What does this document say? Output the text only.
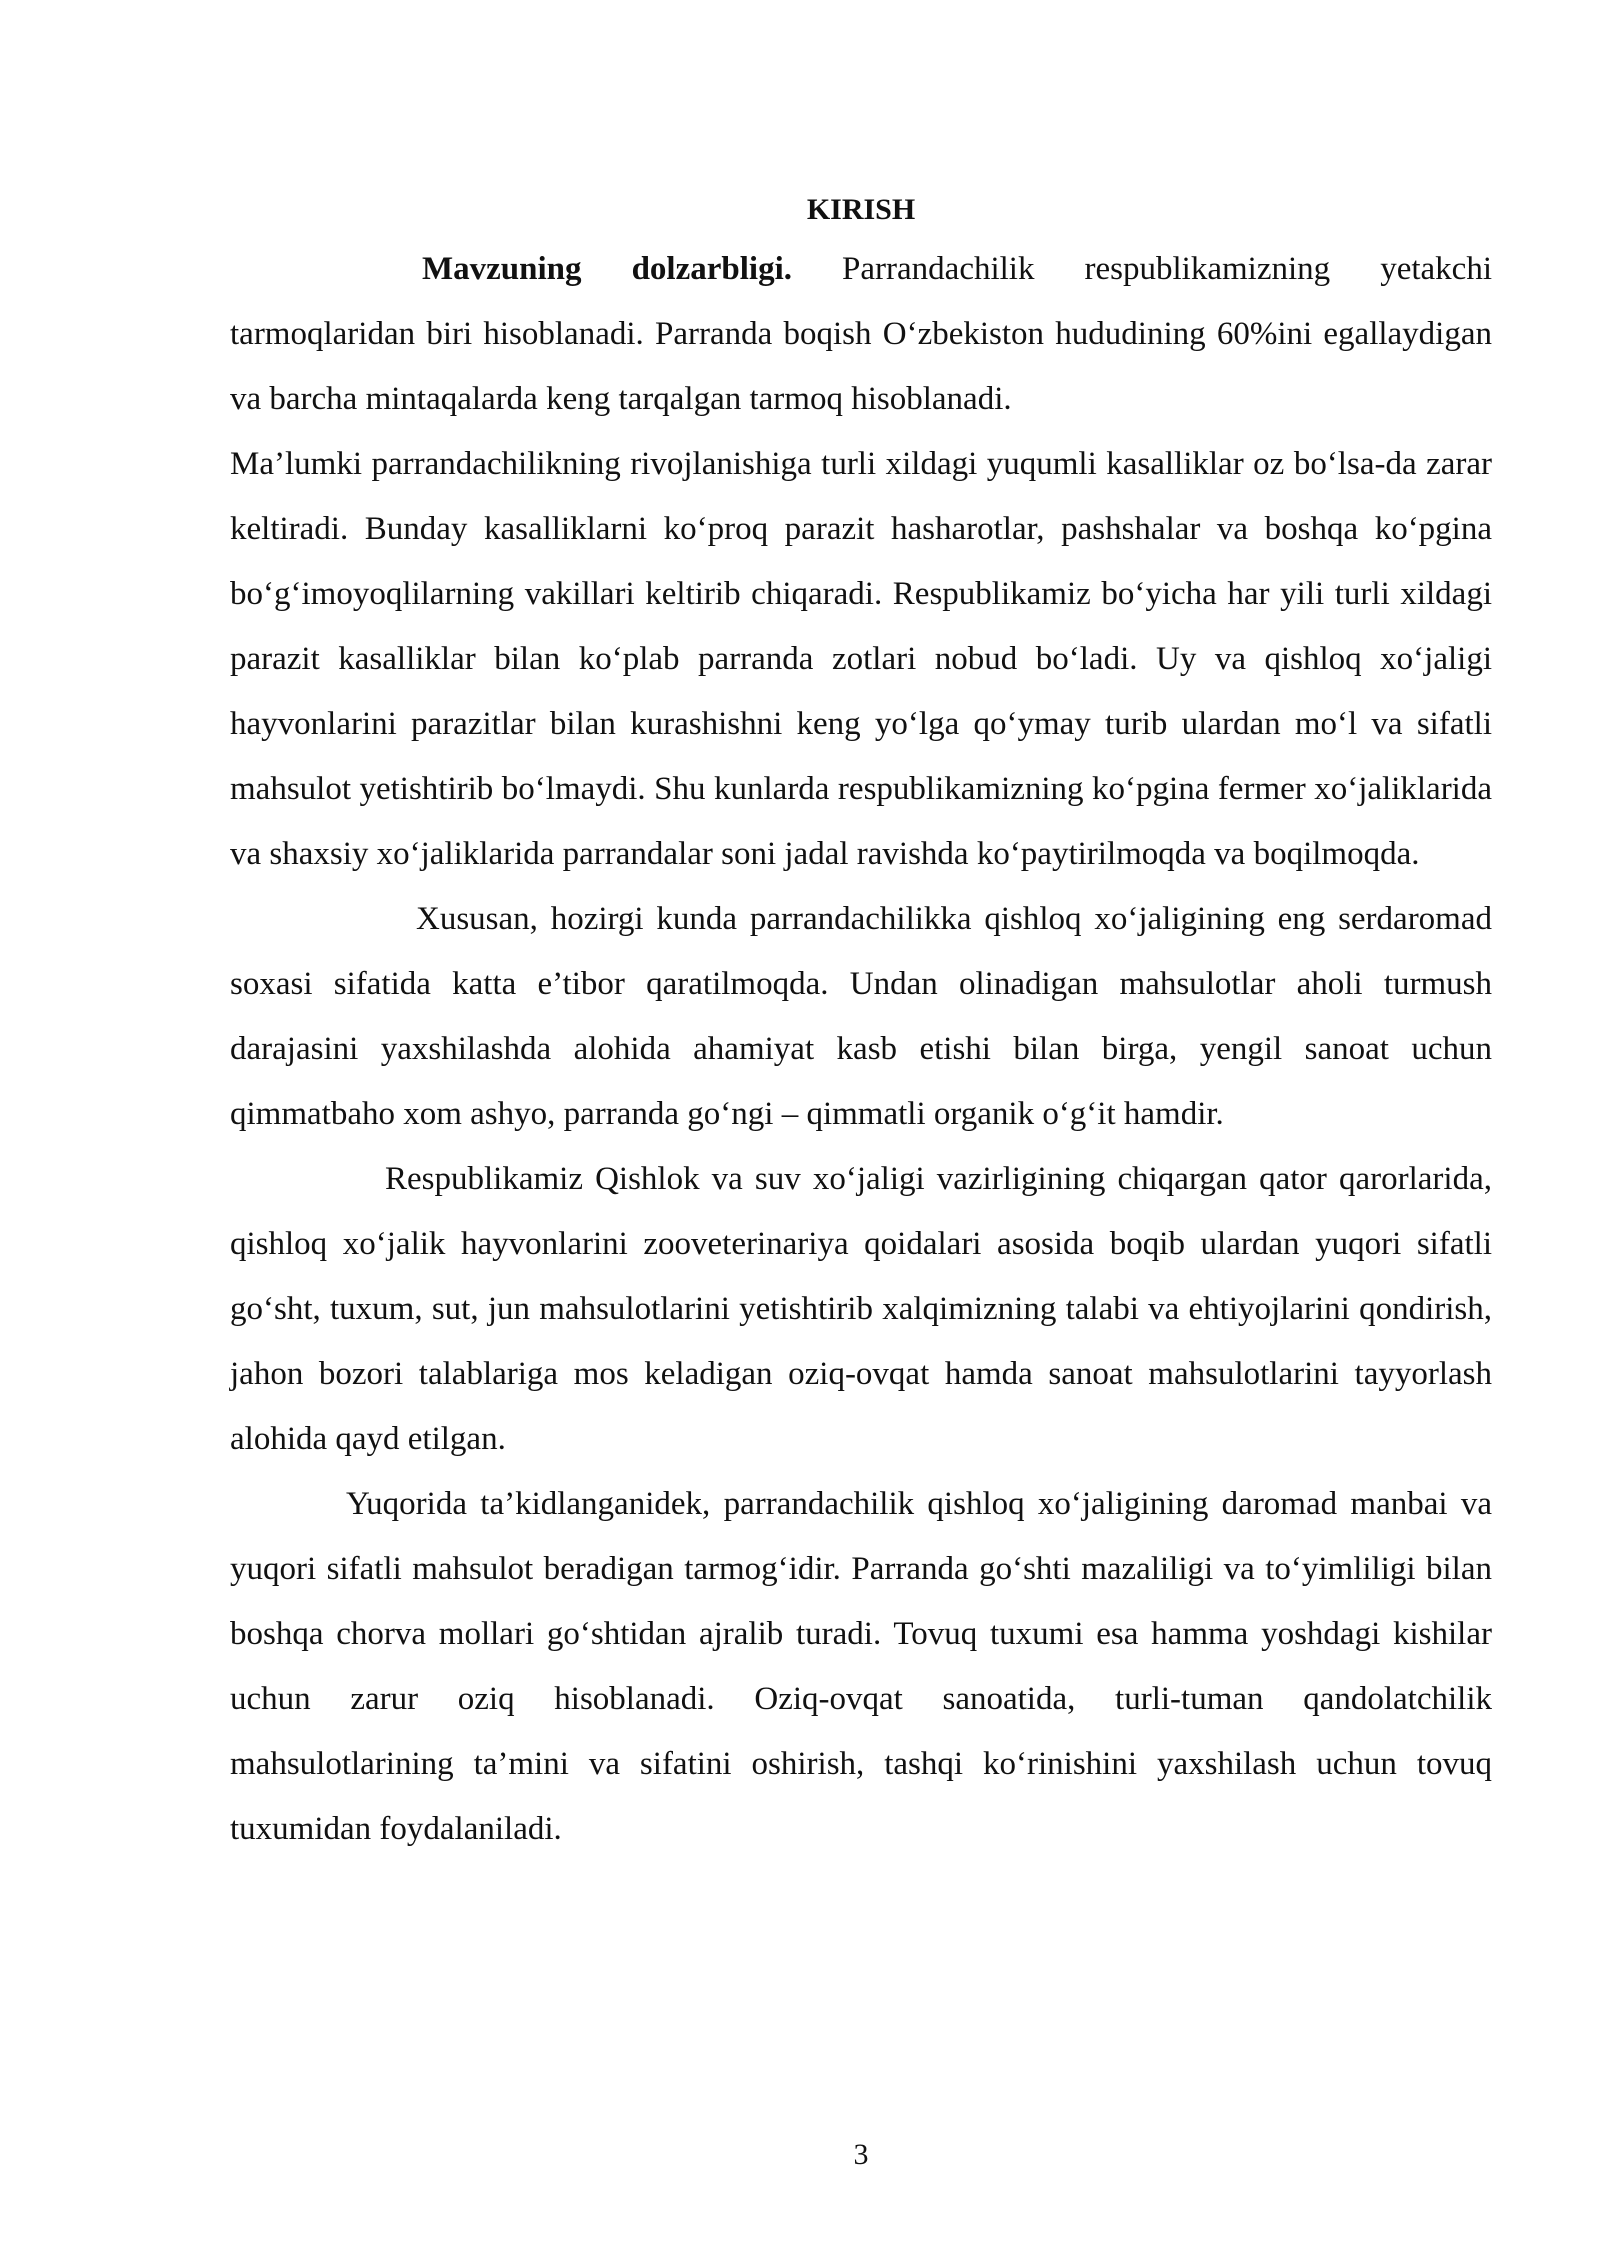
KIRISH

Mavzuning dolzarbligi. Parrandachilik respublikamizning yetakchi tarmoqlaridan biri hisoblanadi. Parranda boqish O‘zbekiston hududining 60%ini egallaydigan va barcha mintaqalarda keng tarqalgan tarmoq hisoblanadi.

Ma’lumki parrandachilikning rivojlanishiga turli xildagi yuqumli kasalliklar oz bo‘lsa-da zarar keltiradi. Bunday kasalliklarni ko‘proq parazit hasharotlar, pashshalar va boshqa ko‘pgina bo‘g‘imoyoqlilarning vakillari keltirib chiqaradi. Respublikamiz bo‘yicha har yili turli xildagi parazit kasalliklar bilan ko‘plab parranda zotlari nobud bo‘ladi. Uy va qishloq xo‘jaligi hayvonlarini parazitlar bilan kurashishni keng yo‘lga qo‘ymay turib ulardan mo‘l va sifatli mahsulot yetishtirib bo‘lmaydi. Shu kunlarda respublikamizning ko‘pgina fermer xo‘jaliklarida va shaxsiy xo‘jaliklarida parrandalar soni jadal ravishda ko‘paytirilmoqda va boqilmoqda.

Xususan, hozirgi kunda parrandachilikka qishloq xo‘jaligining eng serdaromad soxasi sifatida katta e’tibor qaratilmoqda. Undan olinadigan mahsulotlar aholi turmush darajasini yaxshilashda alohida ahamiyat kasb etishi bilan birga, yengil sanoat uchun qimmatbaho xom ashyo, parranda go‘ngi – qimmatli organik o‘g‘it hamdir.

Respublikamiz Qishlok va suv xo‘jaligi vazirligining chiqargan qator qarorlarida, qishloq xo‘jalik hayvonlarini zooveterinariya qoidalari asosida boqib ulardan yuqori sifatli go‘sht, tuxum, sut, jun mahsulotlarini yetishtirib xalqimizning talabi va ehtiyojlarini qondirish, jahon bozori talablariga mos keladigan oziq-ovqat hamda sanoat mahsulotlarini tayyorlash alohida qayd etilgan.

Yuqorida ta’kidlanganidek, parrandachilik qishloq xo‘jaligining daromad manbai va yuqori sifatli mahsulot beradigan tarmog‘idir. Parranda go‘shti mazaliligi va to‘yimliligi bilan boshqa chorva mollari go‘shtidan ajralib turadi. Tovuq tuxumi esa hamma yoshdagi kishilar uchun zarur oziq hisoblanadi. Oziq-ovqat sanoatida, turli-tuman qandolatchilik mahsulotlarining ta’mini va sifatini oshirish, tashqi ko‘rinishini yaxshilash uchun tovuq tuxumidan foydalaniladi.

3
